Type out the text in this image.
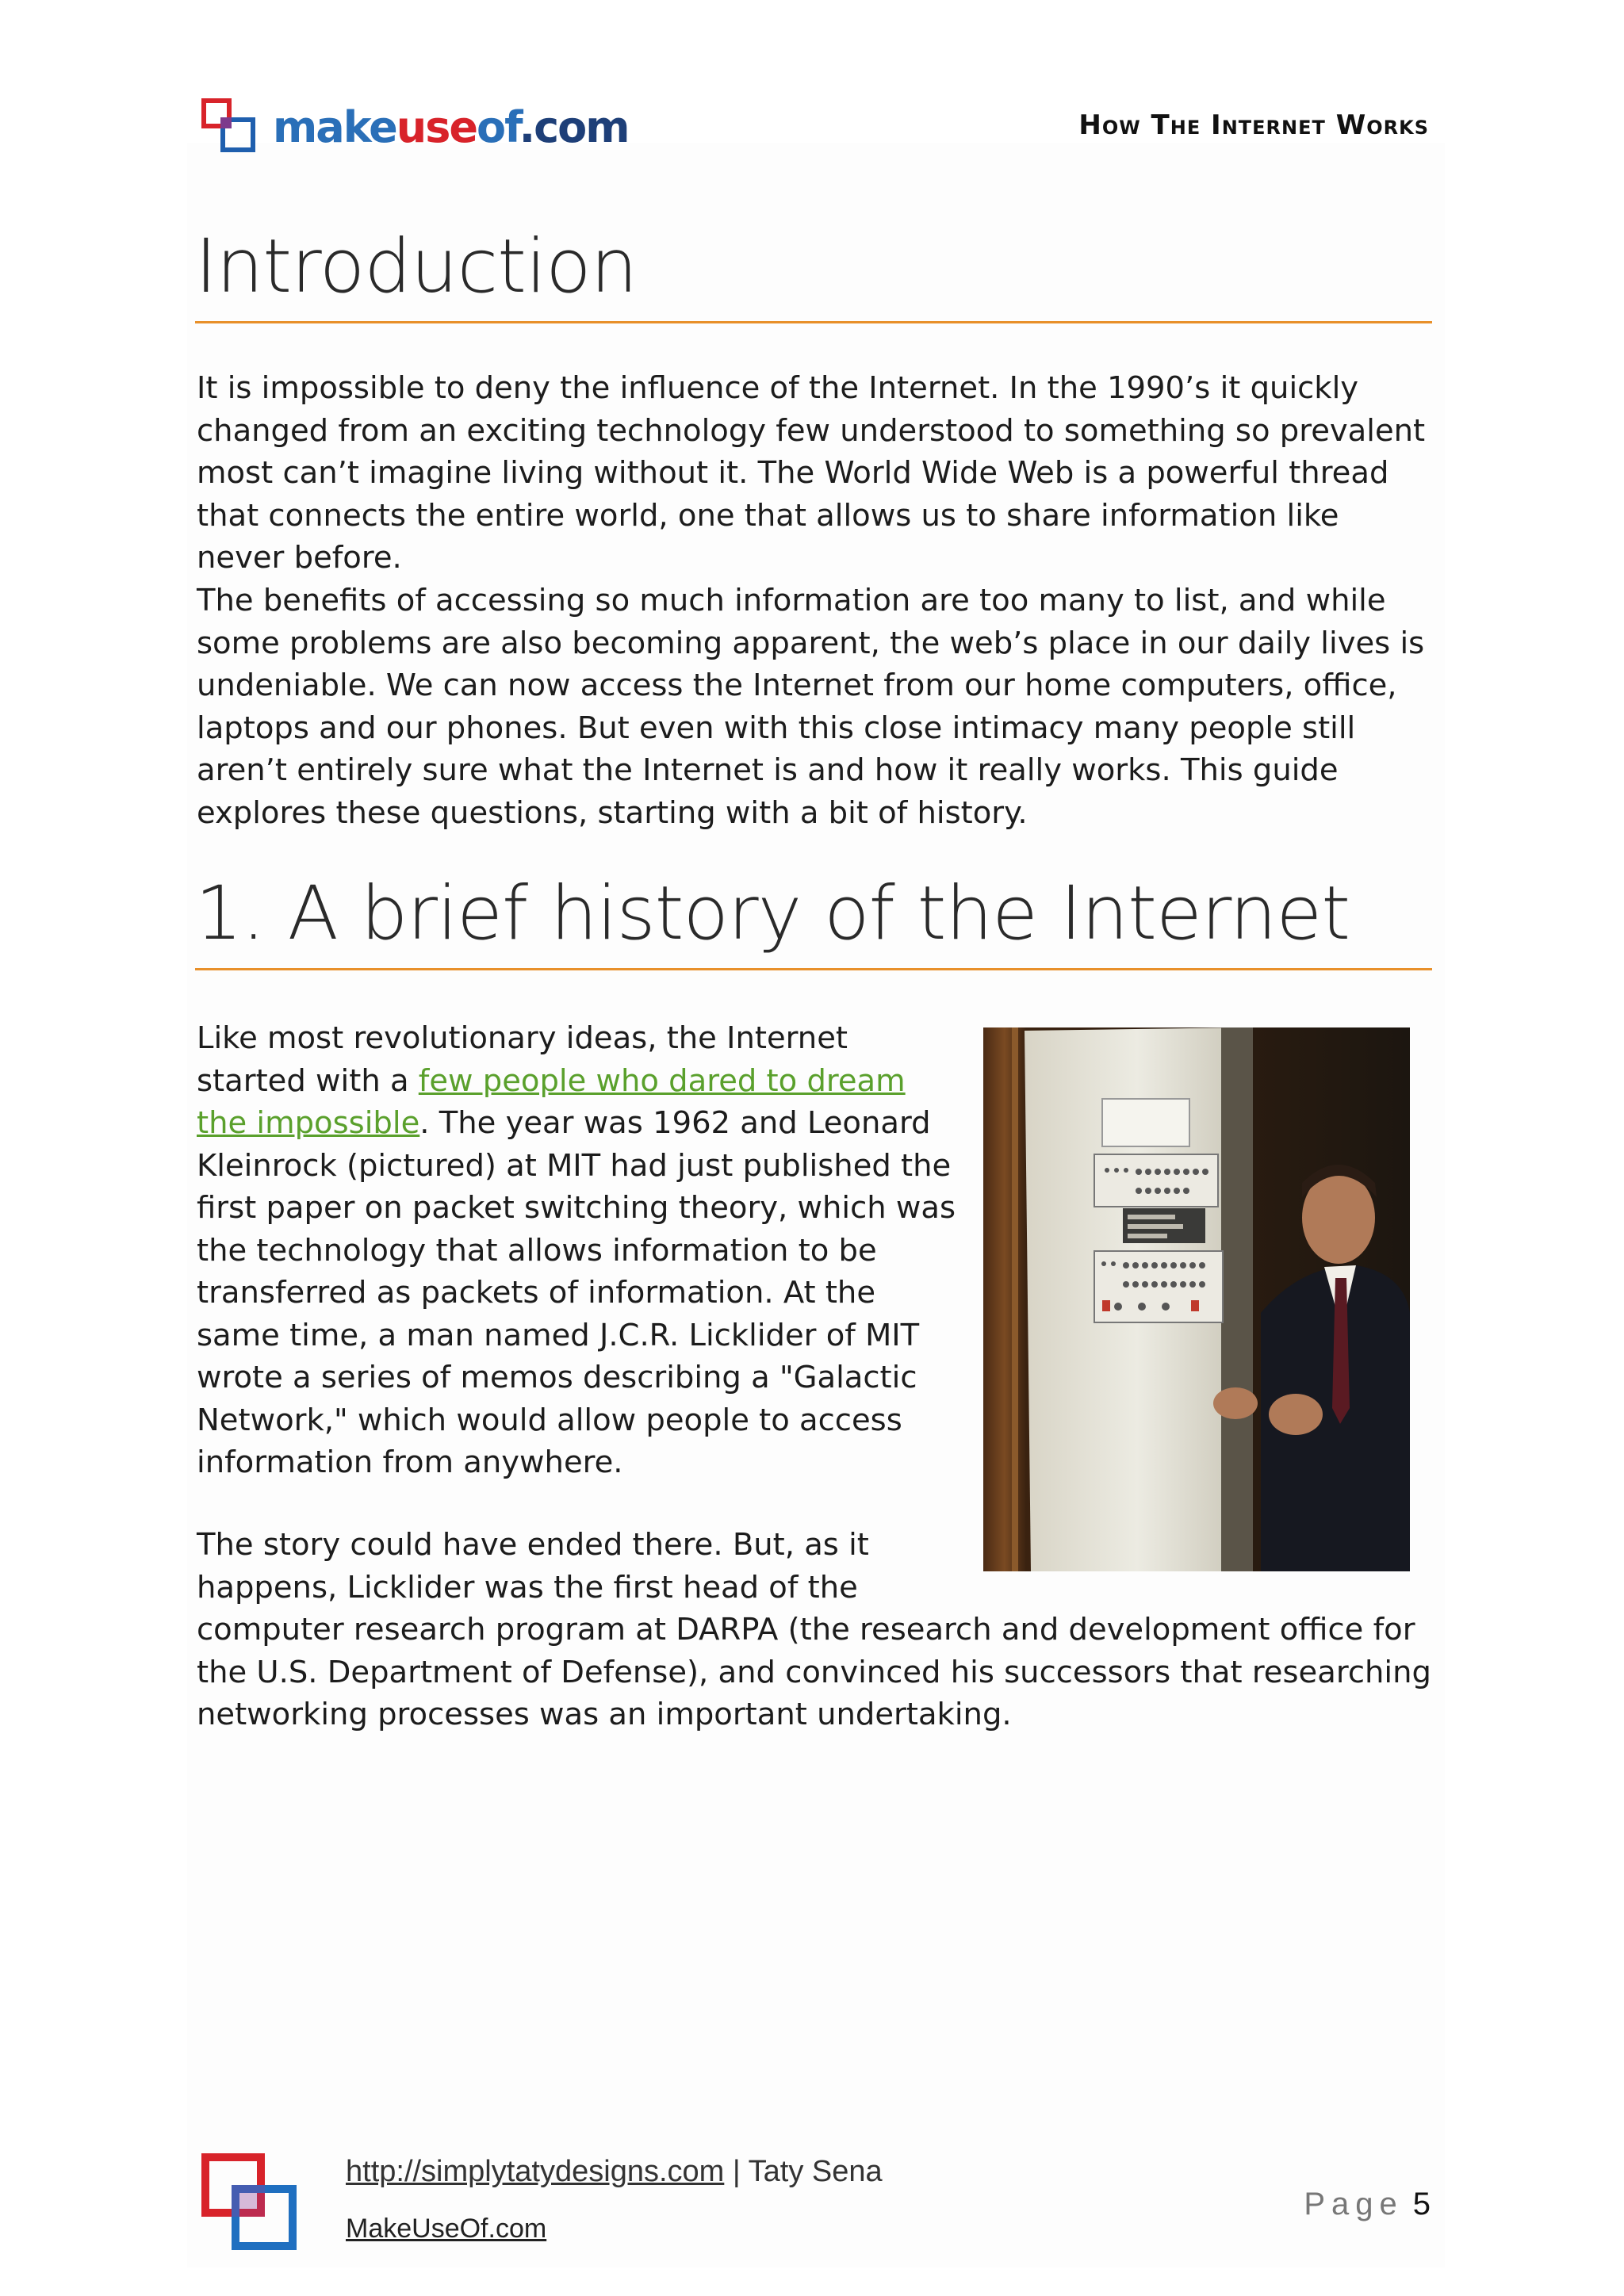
makeuseof.com	How The Internet Works
Introduction

It is impossible to deny the influence of the Internet. In the 1990’s it quickly changed from an exciting technology few understood to something so prevalent most can’t imagine living without it. The World Wide Web is a powerful thread that connects the entire world, one that allows us to share information like never before.

The benefits of accessing so much information are too many to list, and while some problems are also becoming apparent, the web’s place in our daily lives is undeniable. We can now access the Internet from our home computers, office, laptops and our phones. But even with this close intimacy many people still aren’t entirely sure what the Internet is and how it really works. This guide explores these questions, starting with a bit of history.

1. A brief history of the Internet

Like most revolutionary ideas, the Internet started with a few people who dared to dream the impossible. The year was 1962 and Leonard Kleinrock (pictured) at MIT had just published the first paper on packet switching theory, which was the technology that allows information to be transferred as packets of information. At the same time, a man named J.C.R. Licklider of MIT wrote a series of memos describing a "Galactic Network," which would allow people to access information from anywhere.

The story could have ended there. But, as it happens, Licklider was the first head of the

computer research program at DARPA (the research and development office for the U.S. Department of Defense), and convinced his successors that researching networking processes was an important undertaking.

http://simplytatydesigns.com | Taty Sena
MakeUseOf.com
Page 5
